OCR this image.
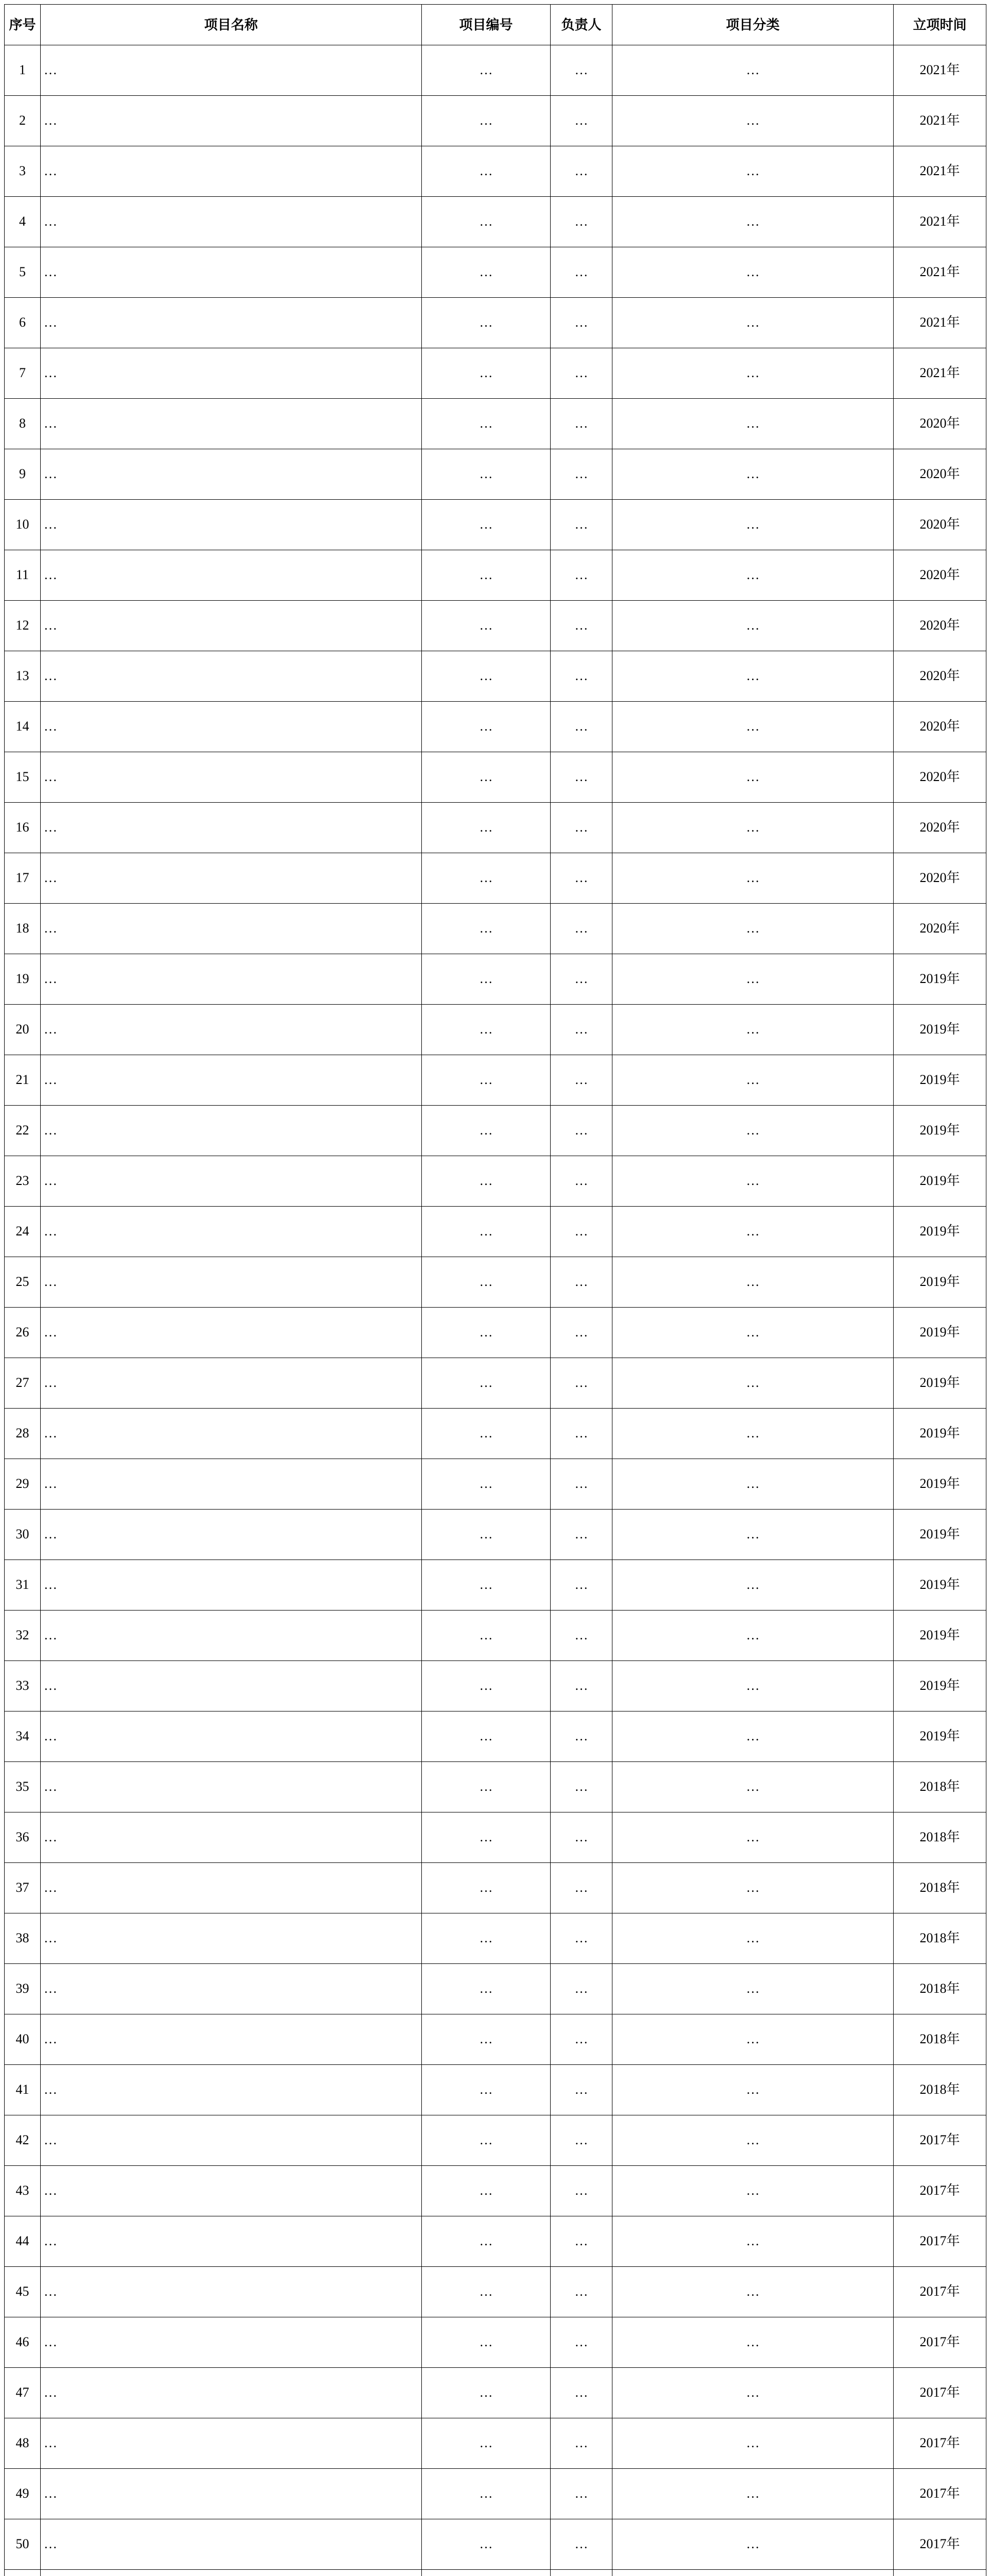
序号	项目名称	项目编号	负责人	项目分类	立项时间
1	…	…	…	…	2021年
2	…	…	…	…	2021年
3	…	…	…	…	2021年
4	…	…	…	…	2021年
5	…	…	…	…	2021年
6	…	…	…	…	2021年
7	…	…	…	…	2021年
8	…	…	…	…	2020年
9	…	…	…	…	2020年
10	…	…	…	…	2020年
11	…	…	…	…	2020年
12	…	…	…	…	2020年
13	…	…	…	…	2020年
14	…	…	…	…	2020年
15	…	…	…	…	2020年
16	…	…	…	…	2020年
17	…	…	…	…	2020年
18	…	…	…	…	2020年
19	…	…	…	…	2019年
20	…	…	…	…	2019年
21	…	…	…	…	2019年
22	…	…	…	…	2019年
23	…	…	…	…	2019年
24	…	…	…	…	2019年
25	…	…	…	…	2019年
26	…	…	…	…	2019年
27	…	…	…	…	2019年
28	…	…	…	…	2019年
29	…	…	…	…	2019年
30	…	…	…	…	2019年
31	…	…	…	…	2019年
32	…	…	…	…	2019年
33	…	…	…	…	2019年
34	…	…	…	…	2019年
35	…	…	…	…	2018年
36	…	…	…	…	2018年
37	…	…	…	…	2018年
38	…	…	…	…	2018年
39	…	…	…	…	2018年
40	…	…	…	…	2018年
41	…	…	…	…	2018年
42	…	…	…	…	2017年
43	…	…	…	…	2017年
44	…	…	…	…	2017年
45	…	…	…	…	2017年
46	…	…	…	…	2017年
47	…	…	…	…	2017年
48	…	…	…	…	2017年
49	…	…	…	…	2017年
50	…	…	…	…	2017年
